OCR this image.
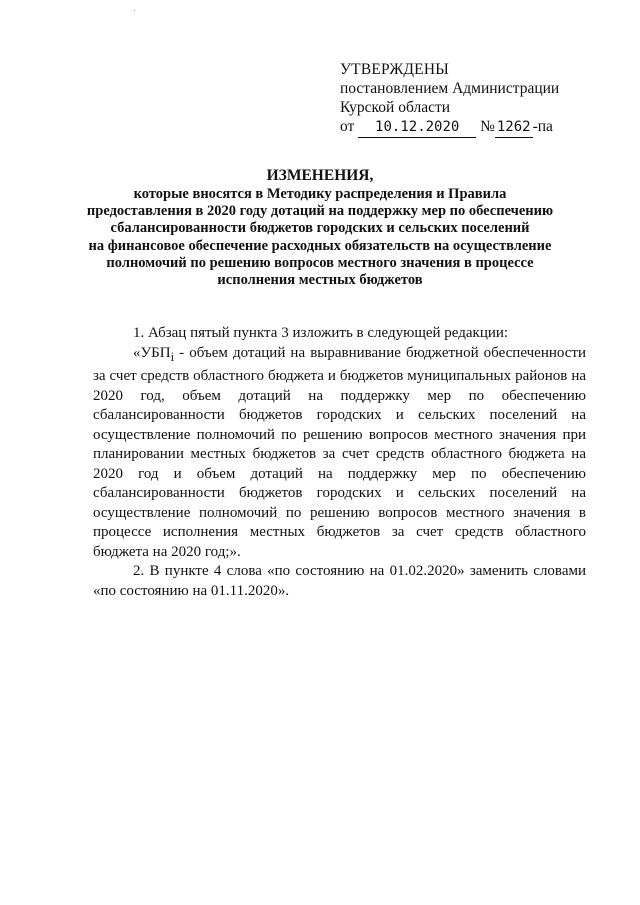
УТВЕРЖДЕНЫ
постановлением Администрации
Курской области
от 10.12.2020 № 1262 -па
ИЗМЕНЕНИЯ,
которые вносятся в Методику распределения и Правила
предоставления в 2020 году дотаций на поддержку мер по обеспечению
сбалансированности бюджетов городских и сельских поселений
на финансовое обеспечение расходных обязательств на осуществление
полномочий по решению вопросов местного значения в процессе
исполнения местных бюджетов

1. Абзац пятый пункта 3 изложить в следующей редакции:

«$УБП_i$ - объем дотаций на выравнивание бюджетной обеспеченности за счет средств областного бюджета и бюджетов муниципальных районов на 2020 год, объем дотаций на поддержку мер по обеспечению сбалансированности бюджетов городских и сельских поселений на осуществление полномочий по решению вопросов местного значения при планировании местных бюджетов за счет средств областного бюджета на 2020 год и объем дотаций на поддержку мер по обеспечению сбалансированности бюджетов городских и сельских поселений на осуществление полномочий по решению вопросов местного значения в процессе исполнения местных бюджетов за счет средств областного бюджета на 2020 год;».

2. В пункте 4 слова «по состоянию на 01.02.2020» заменить словами «по состоянию на 01.11.2020».
